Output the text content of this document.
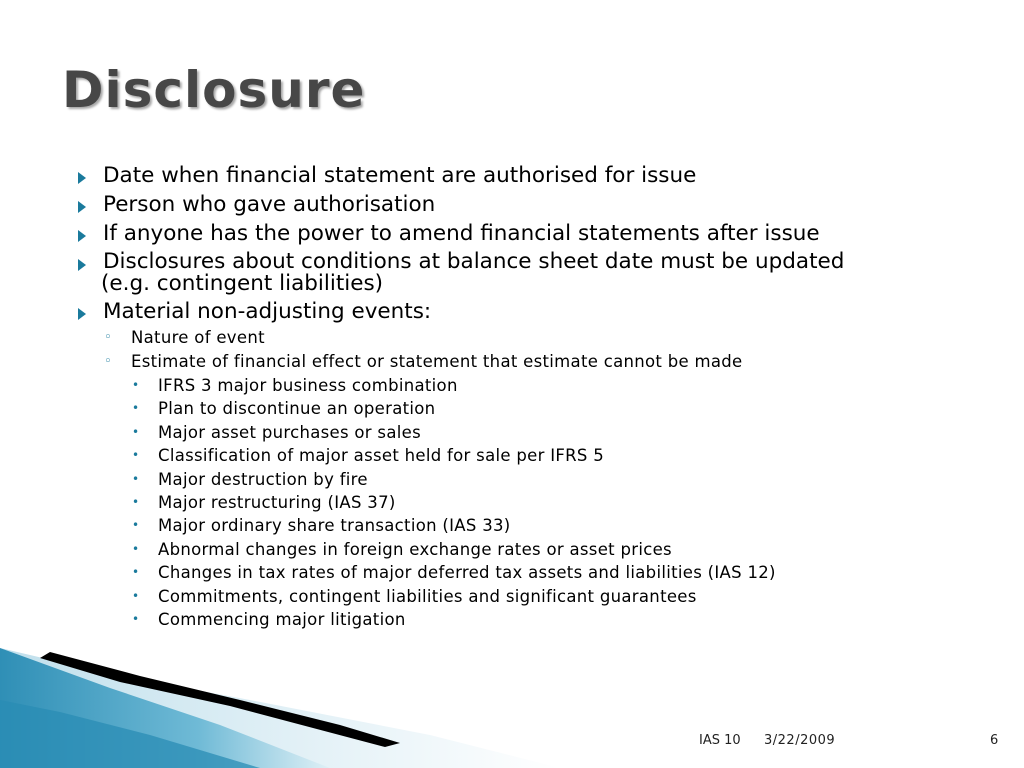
Disclosure
Date when financial statement are authorised for issue
Person who gave authorisation
If anyone has the power to amend financial statements after issue
Disclosures about conditions at balance sheet date must be updated
(e.g. contingent liabilities)
Material non-adjusting events:
◦ Nature of event
◦ Estimate of financial effect or statement that estimate cannot be made
• IFRS 3 major business combination
• Plan to discontinue an operation
• Major asset purchases or sales
• Classification of major asset held for sale per IFRS 5
• Major destruction by fire
• Major restructuring (IAS 37)
• Major ordinary share transaction (IAS 33)
• Abnormal changes in foreign exchange rates or asset prices
• Changes in tax rates of major deferred tax assets and liabilities (IAS 12)
• Commitments, contingent liabilities and significant guarantees
• Commencing major litigation
IAS 10 3/22/2009	6
